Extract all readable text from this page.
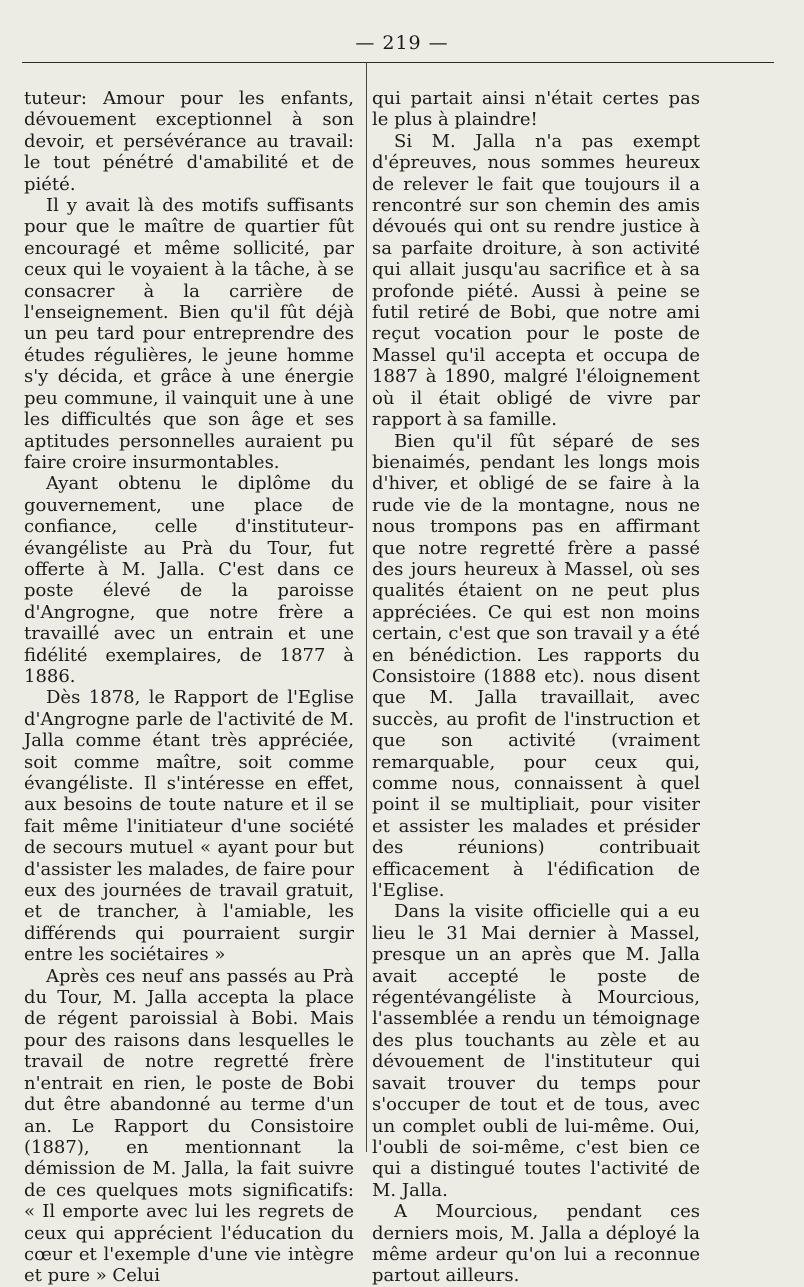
— 219 —

tuteur: Amour pour les enfants, dévouement exceptionnel à son devoir, et persévérance au travail: le tout pénétré d'amabilité et de piété.

Il y avait là des motifs suffisants pour que le maître de quartier fût encouragé et même sollicité, par ceux qui le voyaient à la tâche, à se consacrer à la carrière de l'enseignement. Bien qu'il fût déjà un peu tard pour entreprendre des études régulières, le jeune homme s'y décida, et grâce à une énergie peu commune, il vainquit une à une les difficultés que son âge et ses aptitudes personnelles auraient pu faire croire insurmontables.

Ayant obtenu le diplôme du gouvernement, une place de confiance, celle d'instituteur-évangéliste au Prà du Tour, fut offerte à M. Jalla. C'est dans ce poste élevé de la paroisse d'Angrogne, que notre frère a travaillé avec un entrain et une fidélité exemplaires, de 1877 à 1886.

Dès 1878, le Rapport de l'Eglise d'Angrogne parle de l'activité de M. Jalla comme étant très appréciée, soit comme maître, soit comme évangéliste. Il s'intéresse en effet, aux besoins de toute nature et il se fait même l'initiateur d'une société de secours mutuel « ayant pour but d'assister les malades, de faire pour eux des journées de travail gratuit, et de trancher, à l'amiable, les différends qui pourraient surgir entre les sociétaires »

Après ces neuf ans passés au Prà du Tour, M. Jalla accepta la place de régent paroissial à Bobi. Mais pour des raisons dans lesquelles le travail de notre regretté frère n'entrait en rien, le poste de Bobi dut être abandonné au terme d'un an. Le Rapport du Consistoire (1887), en mentionnant la démission de M. Jalla, la fait suivre de ces quelques mots significatifs: « Il emporte avec lui les regrets de ceux qui apprécient l'éducation du cœur et l'exemple d'une vie intègre et pure » Celui

qui partait ainsi n'était certes pas le plus à plaindre!

Si M. Jalla n'a pas exempt d'épreuves, nous sommes heureux de relever le fait que toujours il a rencontré sur son chemin des amis dévoués qui ont su rendre justice à sa parfaite droiture, à son activité qui allait jusqu'au sacrifice et à sa profonde piété. Aussi à peine se futil retiré de Bobi, que notre ami reçut vocation pour le poste de Massel qu'il accepta et occupa de 1887 à 1890, malgré l'éloignement où il était obligé de vivre par rapport à sa famille.

Bien qu'il fût séparé de ses bienaimés, pendant les longs mois d'hiver, et obligé de se faire à la rude vie de la montagne, nous ne nous trompons pas en affirmant que notre regretté frère a passé des jours heureux à Massel, où ses qualités étaient on ne peut plus appréciées. Ce qui est non moins certain, c'est que son travail y a été en bénédiction. Les rapports du Consistoire (1888 etc). nous disent que M. Jalla travaillait, avec succès, au profit de l'instruction et que son activité (vraiment remarquable, pour ceux qui, comme nous, connaissent à quel point il se multipliait, pour visiter et assister les malades et présider des réunions) contribuait efficacement à l'édification de l'Eglise.

Dans la visite officielle qui a eu lieu le 31 Mai dernier à Massel, presque un an après que M. Jalla avait accepté le poste de régentévangéliste à Mourcious, l'assemblée a rendu un témoignage des plus touchants au zèle et au dévouement de l'instituteur qui savait trouver du temps pour s'occuper de tout et de tous, avec un complet oubli de lui-même. Oui, l'oubli de soi-même, c'est bien ce qui a distingué toutes l'activité de M. Jalla.

A Mourcious, pendant ces derniers mois, M. Jalla a déployé la même ardeur qu'on lui a reconnue partout ailleurs.
